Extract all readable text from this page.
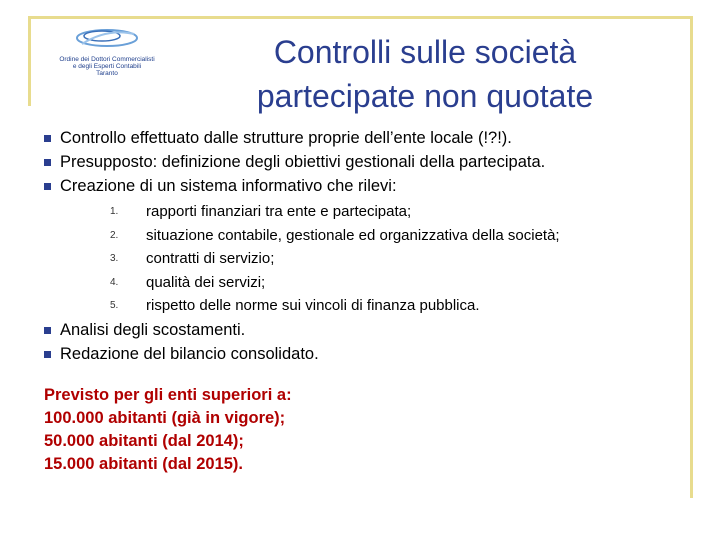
Ordine dei Dottori Commercialisti
e degli Esperti Contabili
Taranto
Controlli sulle società
partecipate non quotate
Controllo effettuato dalle strutture proprie dell’ente locale (!?!).
Presupposto: definizione degli obiettivi gestionali della partecipata.
Creazione di un sistema informativo che rilevi:
1. rapporti finanziari tra ente e partecipata;
2. situazione contabile, gestionale ed organizzativa della società;
3. contratti di servizio;
4. qualità dei servizi;
5. rispetto delle norme sui vincoli di finanza pubblica.
Analisi degli scostamenti.
Redazione del bilancio consolidato.
Previsto per gli enti superiori a:
100.000 abitanti (già in vigore);
50.000 abitanti (dal 2014);
15.000 abitanti (dal 2015).
